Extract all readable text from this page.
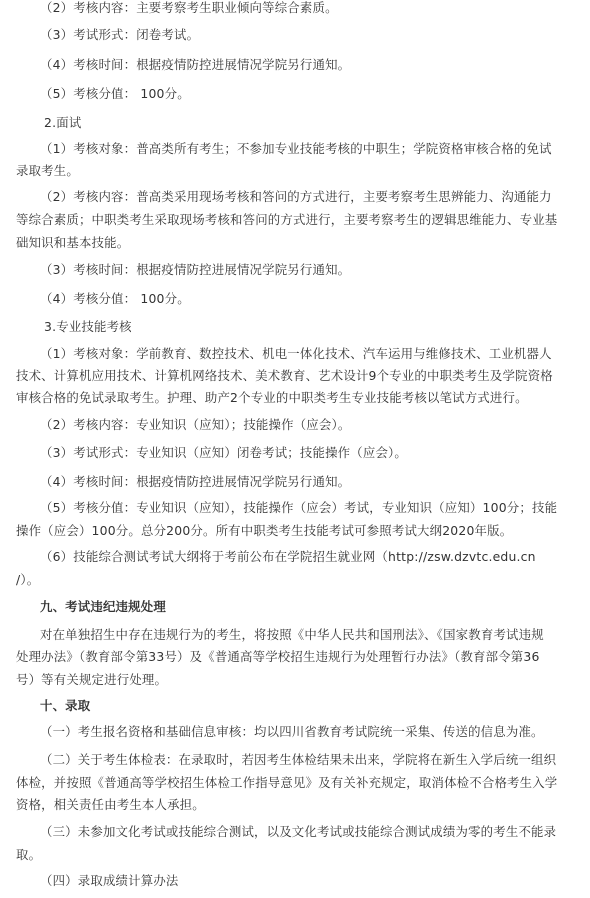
（2）考核内容：主要考察考生职业倾向等综合素质。

（3）考试形式：闭卷考试。

（4）考核时间：根据疫情防控进展情况学院另行通知。

（5）考核分值： 100分。

2.面试

（1）考核对象：普高类所有考生；不参加专业技能考核的中职生；学院资格审核合格的免试

录取考生。

（2）考核内容：普高类采用现场考核和答问的方式进行，主要考察考生思辨能力、沟通能力

等综合素质；中职类考生采取现场考核和答问的方式进行，主要考察考生的逻辑思维能力、专业基

础知识和基本技能。

（3）考核时间：根据疫情防控进展情况学院另行通知。

（4）考核分值： 100分。

3.专业技能考核

（1）考核对象：学前教育、数控技术、机电一体化技术、汽车运用与维修技术、工业机器人

技术、计算机应用技术、计算机网络技术、美术教育、艺术设计9个专业的中职类考生及学院资格

审核合格的免试录取考生。护理、助产2个专业的中职类考生专业技能考核以笔试方式进行。

（2）考核内容：专业知识（应知）；技能操作（应会）。

（3）考试形式：专业知识（应知）闭卷考试；技能操作（应会）。

（4）考核时间：根据疫情防控进展情况学院另行通知。

（5）考核分值：专业知识（应知），技能操作（应会）考试，专业知识（应知）100分；技能

操作（应会）100分。总分200分。所有中职类考生技能考试可参照考试大纲2020年版。

（6）技能综合测试考试大纲将于考前公布在学院招生就业网（http://zsw.dzvtc.edu.cn

/）。

九、考试违纪违规处理

对在单独招生中存在违规行为的考生，将按照《中华人民共和国刑法》、《国家教育考试违规

处理办法》（教育部令第33号）及《普通高等学校招生违规行为处理暂行办法》（教育部令第36

号）等有关规定进行处理。

十、录取

（一）考生报名资格和基础信息审核：均以四川省教育考试院统一采集、传送的信息为准。

（二）关于考生体检表：在录取时，若因考生体检结果未出来，学院将在新生入学后统一组织

体检，并按照《普通高等学校招生体检工作指导意见》及有关补充规定，取消体检不合格考生入学

资格，相关责任由考生本人承担。

（三）未参加文化考试或技能综合测试，以及文化考试或技能综合测试成绩为零的考生不能录

取。

（四）录取成绩计算办法
